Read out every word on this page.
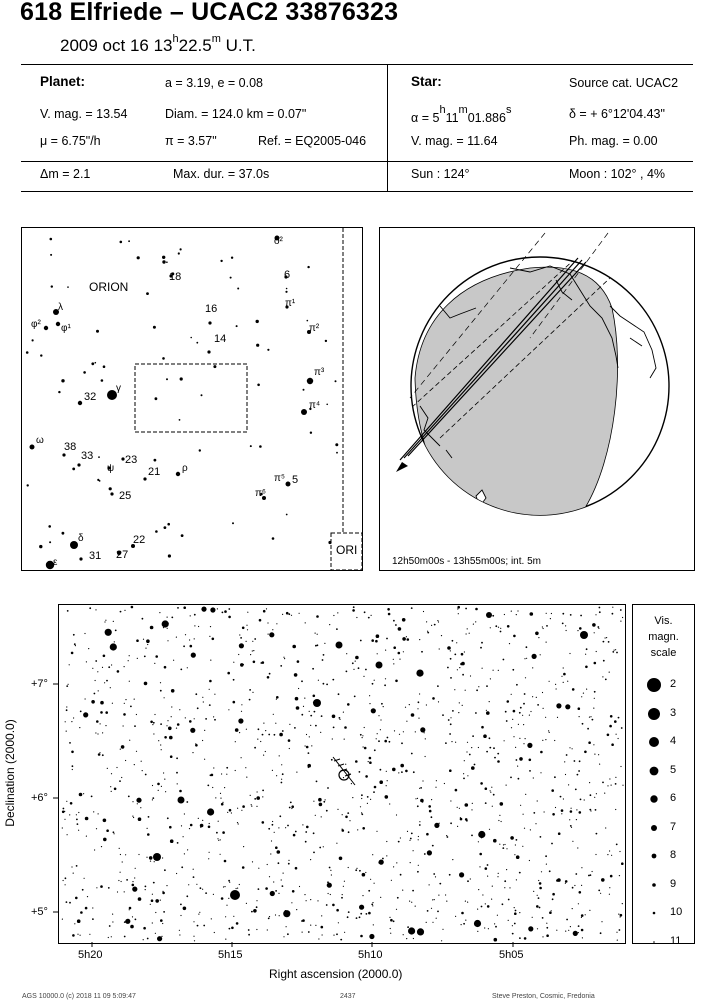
618 Elfriede – UCAC2 33876323
2009 oct 16 13$^h$22.5$^m$ U.T.
Planet:	a = 3.19, e = 0.08
V. mag. = 13.54	Diam. = 124.0 km = 0.07"
μ = 6.75"/h	π = 3.57"	Ref. = EQ2005-046
Δm = 2.1	Max. dur. = 37.0s
Star:	Source cat. UCAC2
α = 5h11m01.886s	δ = + 6°12'04.43"
V. mag. = 11.64	Ph. mag. = 0.00
Sun : 124°	Moon : 102° , 4%
o²
18	6
π¹
16
π²
14
λ
φ² φ¹
π³
32
γ
π⁴
ω
38
33
ψ
23
21 ρ
π⁵ 5
π⁶
25
δ	22
ε
31 27
ORION
ORI
12h50m00s - 13h55m00s; int. 5m
+7°
+6°
+5°
5h20	5h15	5h10	5h05
Right ascension (2000.0)
Declination (2000.0)
Vis.
magn.
scale
2
3
4
5
6
7
8
9
10
11
AGS 10000.0 (c) 2018 11 09 5:09:47	2437	Steve Preston, Cosmic, Fredonia
